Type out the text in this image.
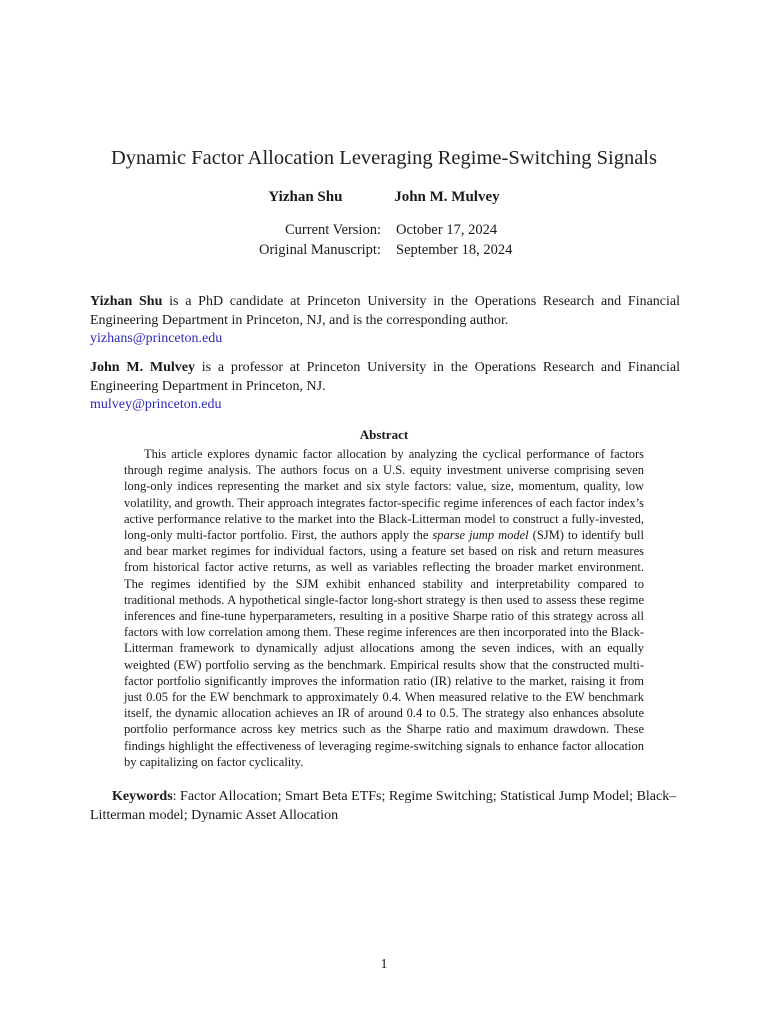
Dynamic Factor Allocation Leveraging Regime-Switching Signals
Yizhan Shu	John M. Mulvey
Current Version:	October 17, 2024
Original Manuscript:	September 18, 2024
Yizhan Shu is a PhD candidate at Princeton University in the Operations Research and Financial Engineering Department in Princeton, NJ, and is the corresponding author.
yizhans@princeton.edu
John M. Mulvey is a professor at Princeton University in the Operations Research and Financial Engineering Department in Princeton, NJ.
mulvey@princeton.edu
Abstract

This article explores dynamic factor allocation by analyzing the cyclical performance of factors through regime analysis. The authors focus on a U.S. equity investment universe comprising seven long-only indices representing the market and six style factors: value, size, momentum, quality, low volatility, and growth. Their approach integrates factor-specific regime inferences of each factor index’s active performance relative to the market into the Black-Litterman model to construct a fully-invested, long-only multi-factor portfolio. First, the authors apply the sparse jump model (SJM) to identify bull and bear market regimes for individual factors, using a feature set based on risk and return measures from historical factor active returns, as well as variables reflecting the broader market environment. The regimes identified by the SJM exhibit enhanced stability and interpretability compared to traditional methods. A hypothetical single-factor long-short strategy is then used to assess these regime inferences and fine-tune hyperparameters, resulting in a positive Sharpe ratio of this strategy across all factors with low correlation among them. These regime inferences are then incorporated into the Black-Litterman framework to dynamically adjust allocations among the seven indices, with an equally weighted (EW) portfolio serving as the benchmark. Empirical results show that the constructed multi-factor portfolio significantly improves the information ratio (IR) relative to the market, raising it from just 0.05 for the EW benchmark to approximately 0.4. When measured relative to the EW benchmark itself, the dynamic allocation achieves an IR of around 0.4 to 0.5. The strategy also enhances absolute portfolio performance across key metrics such as the Sharpe ratio and maximum drawdown. These findings highlight the effectiveness of leveraging regime-switching signals to enhance factor allocation by capitalizing on factor cyclicality.

Keywords: Factor Allocation; Smart Beta ETFs; Regime Switching; Statistical Jump Model; Black–Litterman model; Dynamic Asset Allocation
1
